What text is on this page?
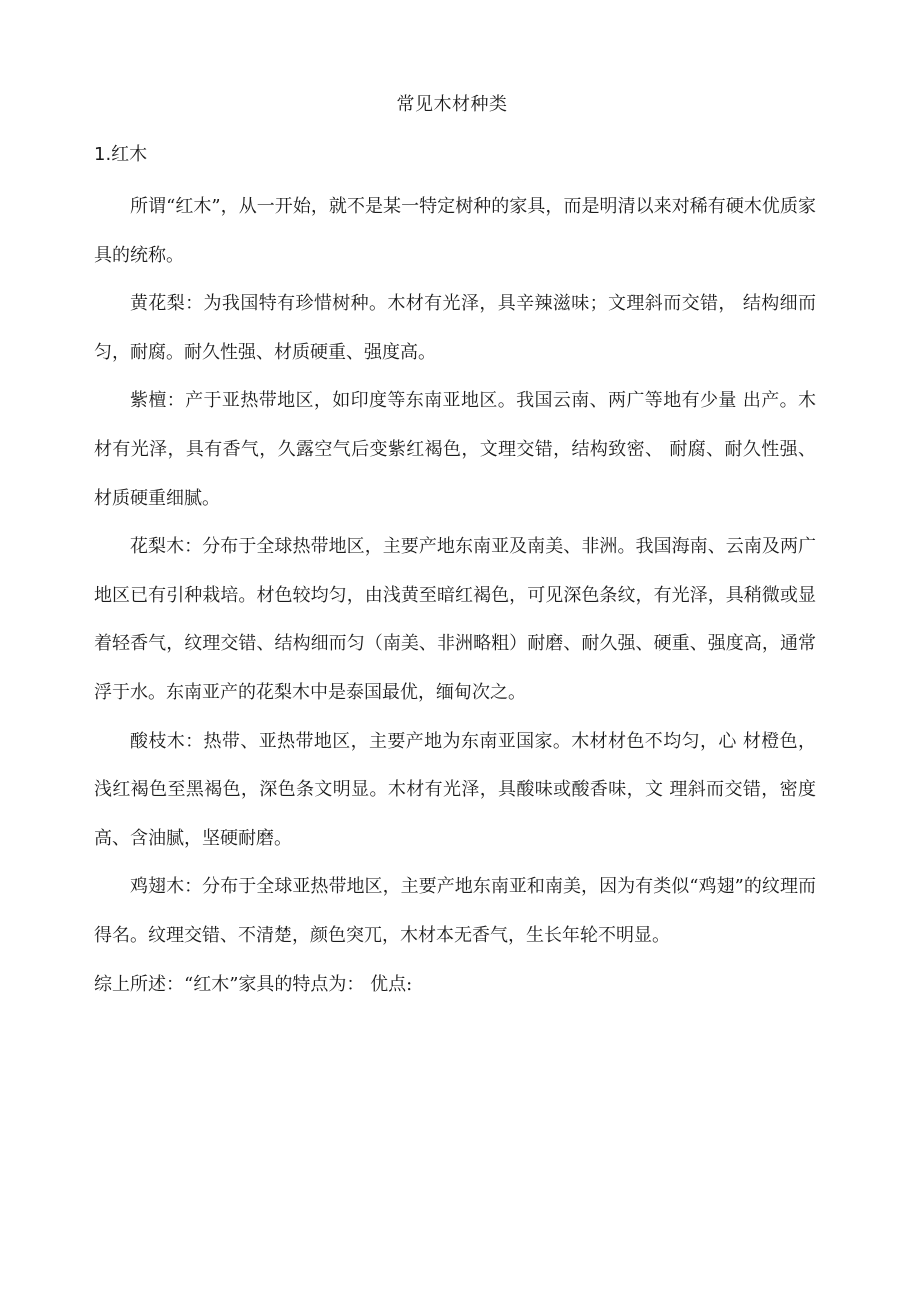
常见木材种类
1.红木

所谓“红木”，从一开始，就不是某一特定树种的家具，而是明清以来对稀有硬木优质家具的统称。

黄花梨：为我国特有珍惜树种。木材有光泽，具辛辣滋味；文理斜而交错， 结构细而匀，耐腐。耐久性强、材质硬重、强度高。

紫檀：产于亚热带地区，如印度等东南亚地区。我国云南、两广等地有少量 出产。木材有光泽，具有香气，久露空气后变紫红褐色，文理交错，结构致密、 耐腐、耐久性强、材质硬重细腻。

花梨木：分布于全球热带地区，主要产地东南亚及南美、非洲。我国海南、云南及两广地区已有引种栽培。材色较均匀，由浅黄至暗红褐色，可见深色条纹，有光泽，具稍微或显着轻香气，纹理交错、结构细而匀（南美、非洲略粗）耐磨、耐久强、硬重、强度高，通常浮于水。东南亚产的花梨木中是泰国最优，缅甸次之。

酸枝木：热带、亚热带地区，主要产地为东南亚国家。木材材色不均匀，心 材橙色，浅红褐色至黑褐色，深色条文明显。木材有光泽，具酸味或酸香味，文 理斜而交错，密度高、含油腻，坚硬耐磨。

鸡翅木：分布于全球亚热带地区，主要产地东南亚和南美，因为有类似“鸡翅”的纹理而得名。纹理交错、不清楚，颜色突兀，木材本无香气，生长年轮不明显。

综上所述：“红木”家具的特点为： 优点:
